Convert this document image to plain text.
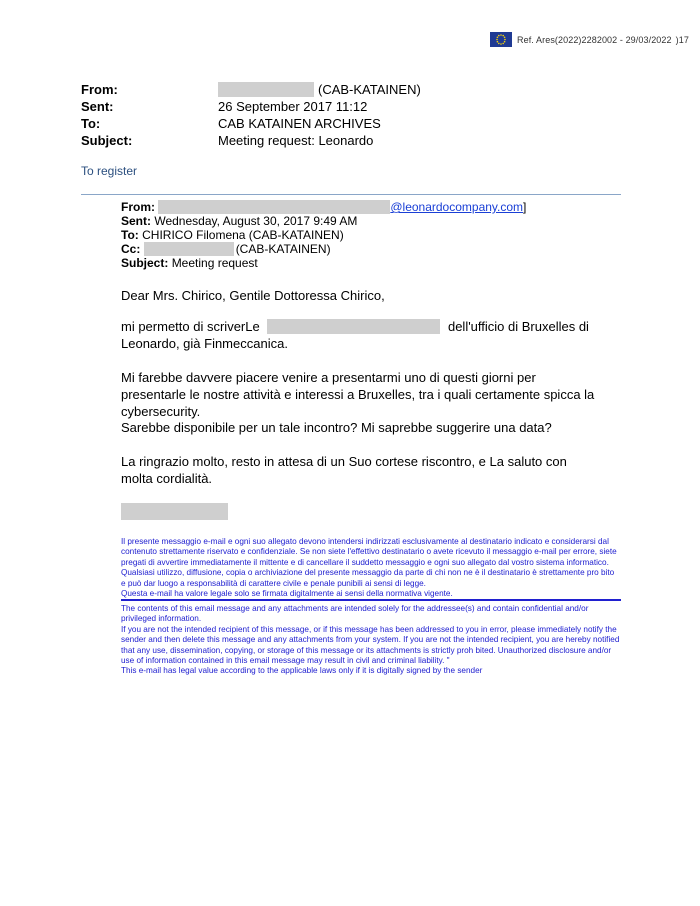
Ref. Ares(2022)2282002 - 29/03/2022 )17
From:	(CAB-KATAINEN)
Sent:	26 September 2017 11:12
To:	CAB KATAINEN ARCHIVES
Subject:	Meeting request: Leonardo
To register
From:	@leonardocompany.com]
Sent: Wednesday, August 30, 2017 9:49 AM
To: CHIRICO Filomena (CAB-KATAINEN)
Cc:	(CAB-KATAINEN)
Subject: Meeting request
Dear Mrs. Chirico, Gentile Dottoressa Chirico,
mi permetto di scriverLe	dell'ufficio di Bruxelles di
Leonardo, già Finmeccanica.
Mi farebbe davvere piacere venire a presentarmi uno di questi giorni per presentarle le nostre attività e interessi a Bruxelles, tra i quali certamente spicca la cybersecurity.
Sarebbe disponibile per un tale incontro? Mi saprebbe suggerire una data?
La ringrazio molto, resto in attesa di un Suo cortese riscontro, e La saluto con molta cordialità.
Il presente messaggio e-mail e ogni suo allegato devono intendersi indirizzati esclusivamente al destinatario indicato e considerarsi dal contenuto strettamente riservato e confidenziale. Se non siete l'effettivo destinatario o avete ricevuto il messaggio e-mail per errore, siete pregati di avvertire immediatamente il mittente e di cancellare il suddetto messaggio e ogni suo allegato dal vostro sistema informatico. Qualsiasi utilizzo, diffusione, copia o archiviazione del presente messaggio da parte di chi non ne è il destinatario è strettamente pro bito e può dar luogo a responsabilità di carattere civile e penale punibili ai sensi di legge.
Questa e-mail ha valore legale solo se firmata digitalmente ai sensi della normativa vigente.
The contents of this email message and any attachments are intended solely for the addressee(s) and contain confidential and/or privileged information.
If you are not the intended recipient of this message, or if this message has been addressed to you in error, please immediately notify the sender and then delete this message and any attachments from your system. If you are not the intended recipient, you are hereby notified that any use, dissemination, copying, or storage of this message or its attachments is strictly proh bited. Unauthorized disclosure and/or use of information contained in this email message may result in civil and criminal liability. "
This e-mail has legal value according to the applicable laws only if it is digitally signed by the sender
